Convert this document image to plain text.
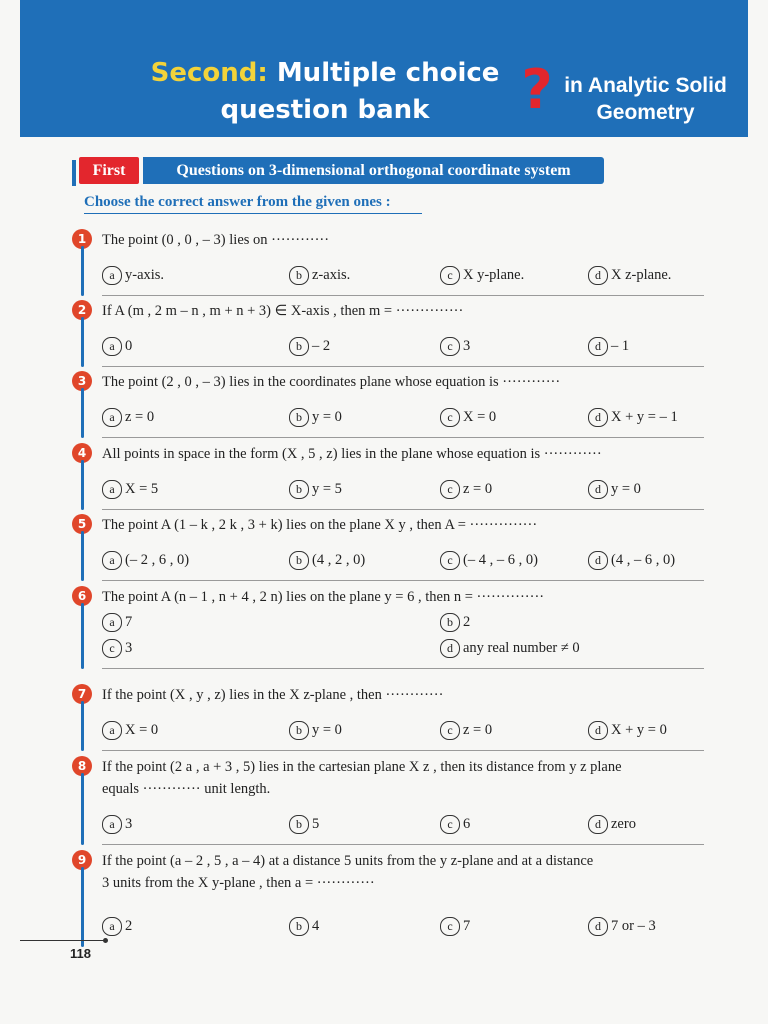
Second: Multiple choice
question bank	? in Analytic Solid
Geometry
First	Questions on 3-dimensional orthogonal coordinate system
Choose the correct answer from the given ones :
1	The point (0 , 0 , – 3) lies on ············
a y-axis.	b z-axis.	c X y-plane.	d X z-plane.
2	If A (m , 2 m – n , m + n + 3) ∈ X-axis , then m = ··············
a 0	b – 2	c 3	d – 1
3	The point (2 , 0 , – 3) lies in the coordinates plane whose equation is ············
a z = 0	b y = 0	c X = 0	d X + y = – 1
4	All points in space in the form (X , 5 , z) lies in the plane whose equation is ············
a X = 5	b y = 5	c z = 0	d y = 0
5	The point A (1 – k , 2 k , 3 + k) lies on the plane X y , then A = ··············
a (– 2 , 6 , 0)	b (4 , 2 , 0)	c (– 4 , – 6 , 0)	d (4 , – 6 , 0)
6	The point A (n – 1 , n + 4 , 2 n) lies on the plane y = 6 , then n = ··············
a 7	b 2
c 3	d any real number ≠ 0
7	If the point (X , y , z) lies in the X z-plane , then ············
a X = 0	b y = 0	c z = 0	d X + y = 0
8	If the point (2 a , a + 3 , 5) lies in the cartesian plane X z , then its distance from y z plane
equals ············ unit length.
a 3	b 5	c 6	d zero
9	If the point (a – 2 , 5 , a – 4) at a distance 5 units from the y z-plane and at a distance
3 units from the X y-plane , then a = ············
a 2	b 4	c 7	d 7 or – 3
118
